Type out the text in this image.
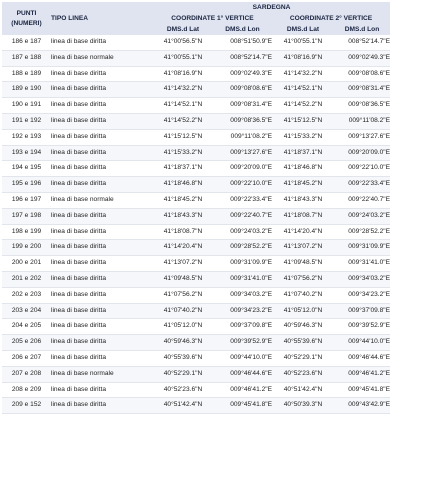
PUNTI
(NUMERI)	TIPO LINEA	SARDEGNA			
		COORDINATE 1° VERTICE		COORDINATE 2° VERTICE	
		DMS.d Lat	DMS.d Lon	DMS.d Lat	DMS.d Lon
186 e 187	linea di base diritta	41°00'56.5"N	008°51'50.9"E	41°00'55.1"N	008°52'14.7"E
187 e 188	linea di base normale	41°00'55.1"N	008°52'14.7"E	41°08'16.9"N	009°02'49.3"E
188 e 189	linea di base diritta	41°08'16.9"N	009°02'49.3"E	41°14'32.2"N	009°08'08.6"E
189 e 190	linea di base diritta	41°14'32.2"N	009°08'08.6"E	41°14'52.1"N	009°08'31.4"E
190 e 191	linea di base diritta	41°14'52.1"N	009°08'31.4"E	41°14'52.2"N	009°08'36.5"E
191 e 192	linea di base diritta	41°14'52.2"N	009°08'36.5"E	41°15'12.5"N	009°11'08.2"E
192 e 193	linea di base diritta	41°15'12.5"N	009°11'08.2"E	41°15'33.2"N	009°13'27.6"E
193 e 194	linea di base diritta	41°15'33.2"N	009°13'27.6"E	41°18'37.1"N	009°20'09.0"E
194 e 195	linea di base diritta	41°18'37.1"N	009°20'09.0"E	41°18'46.8"N	009°22'10.0"E
195 e 196	linea di base diritta	41°18'46.8"N	009°22'10.0"E	41°18'45.2"N	009°22'33.4"E
196 e 197	linea di base normale	41°18'45.2"N	009°22'33.4"E	41°18'43.3"N	009°22'40.7"E
197 e 198	linea di base diritta	41°18'43.3"N	009°22'40.7"E	41°18'08.7"N	009°24'03.2"E
198 e 199	linea di base diritta	41°18'08.7"N	009°24'03.2"E	41°14'20.4"N	009°28'52.2"E
199 e 200	linea di base diritta	41°14'20.4"N	009°28'52.2"E	41°13'07.2"N	009°31'09.9"E
200 e 201	linea di base diritta	41°13'07.2"N	009°31'09.9"E	41°09'48.5"N	009°31'41.0"E
201 e 202	linea di base diritta	41°09'48.5"N	009°31'41.0"E	41°07'56.2"N	009°34'03.2"E
202 e 203	linea di base diritta	41°07'56.2"N	009°34'03.2"E	41°07'40.2"N	009°34'23.2"E
203 e 204	linea di base diritta	41°07'40.2"N	009°34'23.2"E	41°05'12.0"N	009°37'09.8"E
204 e 205	linea di base diritta	41°05'12.0"N	009°37'09.8"E	40°59'46.3"N	009°39'52.9"E
205 e 206	linea di base diritta	40°59'46.3"N	009°39'52.9"E	40°55'39.6"N	009°44'10.0"E
206 e 207	linea di base diritta	40°55'39.6"N	009°44'10.0"E	40°52'29.1"N	009°46'44.6"E
207 e 208	linea di base normale	40°52'29.1"N	009°46'44.6"E	40°52'23.6"N	009°46'41.2"E
208 e 209	linea di base diritta	40°52'23.6"N	009°46'41.2"E	40°51'42.4"N	009°45'41.8"E
209 e 152	linea di base diritta	40°51'42.4"N	009°45'41.8"E	40°50'39.3"N	009°43'42.9"E
